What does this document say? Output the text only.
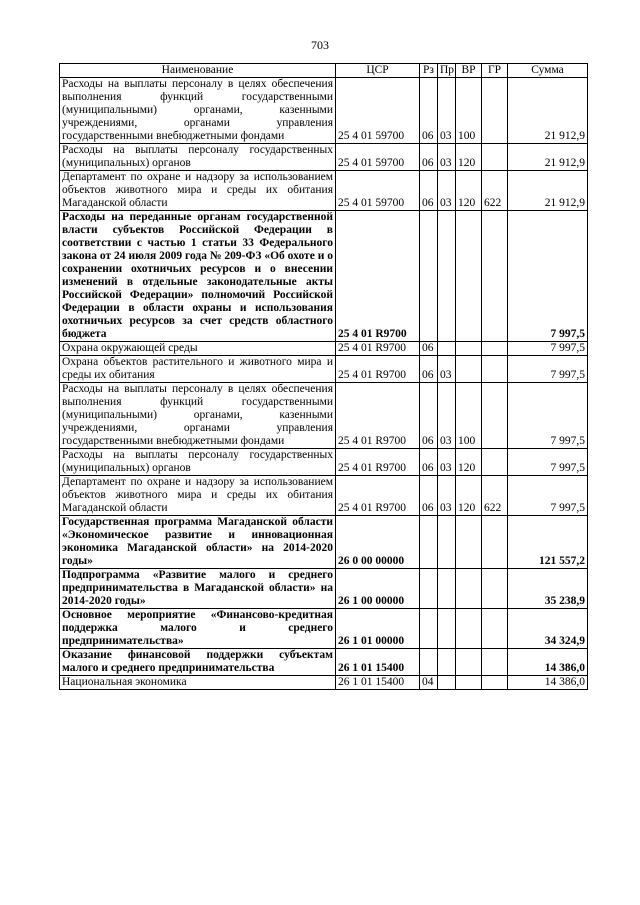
703
Наименование	ЦСР	Рз	Пр	ВР	ГР	Сумма
Расходы на выплаты персоналу в целях обеспечения выполнения функций государственными (муниципальными) органами, казенными учреждениями, органами управления государственными внебюджетными фондами	25 4 01 59700	06	03	100		21 912,9
Расходы на выплаты персоналу государственных (муниципальных) органов	25 4 01 59700	06	03	120		21 912,9
Департамент по охране и надзору за использованием объектов животного мира и среды их обитания Магаданской области	25 4 01 59700	06	03	120	622	21 912,9
Расходы на переданные органам государственной власти субъектов Российской Федерации в соответствии с частью 1 статьи 33 Федерального закона от 24 июля 2009 года № 209-ФЗ «Об охоте и о сохранении охотничьих ресурсов и о внесении изменений в отдельные законодательные акты Российской Федерации» полномочий Российской Федерации в области охраны и использования охотничьих ресурсов за счет средств областного бюджета	25 4 01 R9700					7 997,5
Охрана окружающей среды	25 4 01 R9700	06				7 997,5
Охрана объектов растительного и животного мира и среды их обитания	25 4 01 R9700	06	03			7 997,5
Расходы на выплаты персоналу в целях обеспечения выполнения функций государственными (муниципальными) органами, казенными учреждениями, органами управления государственными внебюджетными фондами	25 4 01 R9700	06	03	100		7 997,5
Расходы на выплаты персоналу государственных (муниципальных) органов	25 4 01 R9700	06	03	120		7 997,5
Департамент по охране и надзору за использованием объектов животного мира и среды их обитания Магаданской области	25 4 01 R9700	06	03	120	622	7 997,5
Государственная программа Магаданской области «Экономическое развитие и инновационная экономика Магаданской области» на 2014-2020 годы»	26 0 00 00000					121 557,2
Подпрограмма «Развитие малого и среднего предпринимательства в Магаданской области» на 2014-2020 годы»	26 1 00 00000					35 238,9
Основное мероприятие «Финансово-кредитная поддержка малого и среднего предпринимательства»	26 1 01 00000					34 324,9
Оказание финансовой поддержки субъектам малого и среднего предпринимательства	26 1 01 15400					14 386,0
Национальная экономика	26 1 01 15400	04				14 386,0
